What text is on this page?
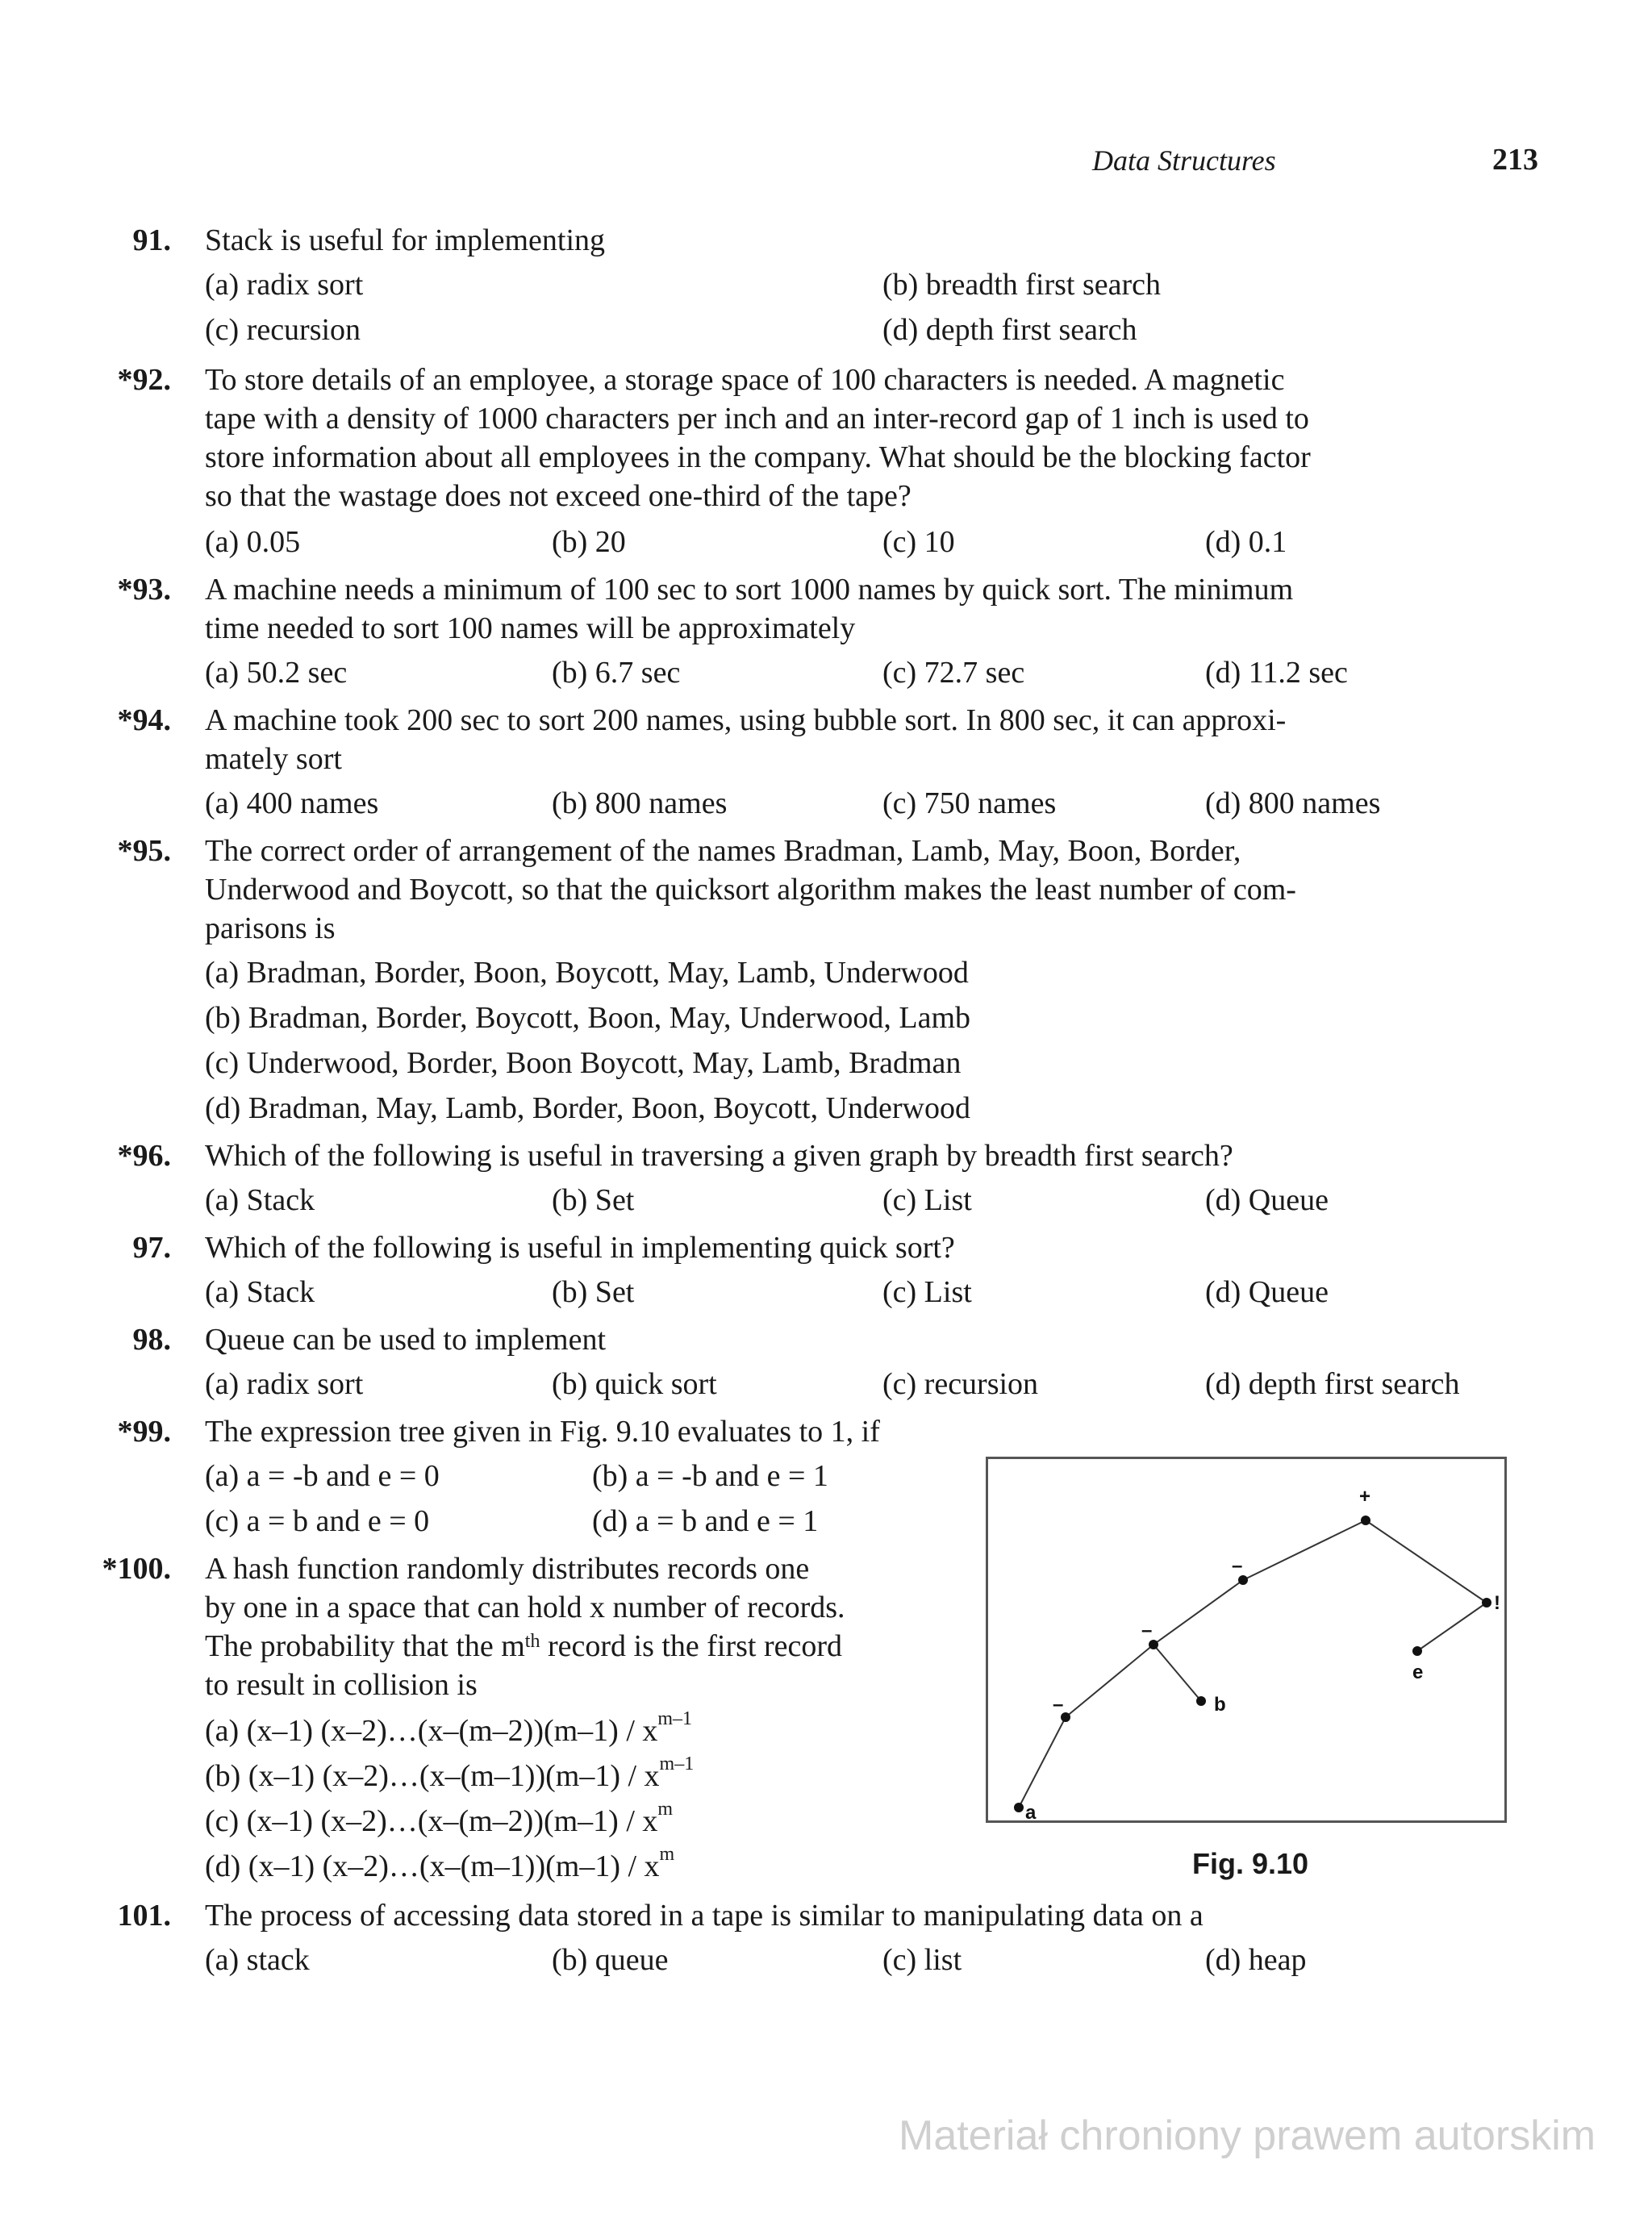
Data Structures	213
91. Stack is useful for implementing
(a) radix sort	(b) breadth first search
(c) recursion	(d) depth first search
*92. To store details of an employee, a storage space of 100 characters is needed. A magnetic
tape with a density of 1000 characters per inch and an inter-record gap of 1 inch is used to
store information about all employees in the company. What should be the blocking factor
so that the wastage does not exceed one-third of the tape?
(a) 0.05	(b) 20	(c) 10	(d) 0.1
*93. A machine needs a minimum of 100 sec to sort 1000 names by quick sort. The minimum
time needed to sort 100 names will be approximately
(a) 50.2 sec	(b) 6.7 sec	(c) 72.7 sec	(d) 11.2 sec
*94. A machine took 200 sec to sort 200 names, using bubble sort. In 800 sec, it can approxi-
mately sort
(a) 400 names	(b) 800 names	(c) 750 names	(d) 800 names
*95. The correct order of arrangement of the names Bradman, Lamb, May, Boon, Border,
Underwood and Boycott, so that the quicksort algorithm makes the least number of com-
parisons is
(a) Bradman, Border, Boon, Boycott, May, Lamb, Underwood
(b) Bradman, Border, Boycott, Boon, May, Underwood, Lamb
(c) Underwood, Border, Boon Boycott, May, Lamb, Bradman
(d) Bradman, May, Lamb, Border, Boon, Boycott, Underwood
*96. Which of the following is useful in traversing a given graph by breadth first search?
(a) Stack	(b) Set	(c) List	(d) Queue
97. Which of the following is useful in implementing quick sort?
(a) Stack	(b) Set	(c) List	(d) Queue
98. Queue can be used to implement
(a) radix sort	(b) quick sort	(c) recursion	(d) depth first search
*99. The expression tree given in Fig. 9.10 evaluates to 1, if
(a) a = -b and e = 0	(b) a = -b and e = 1
(c) a = b and e = 0	(d) a = b and e = 1
*100. A hash function randomly distributes records one
by one in a space that can hold x number of records.
The probability that the $m^{th}$ record is the first record
to result in collision is
(a) (x–1) (x–2)…(x–(m–2))(m–1) / $x^{m-1}$
(b) (x–1) (x–2)…(x–(m–1))(m–1) / $x^{m-1}$
(c) (x–1) (x–2)…(x–(m–2))(m–1) / $x^m$
(d) (x–1) (x–2)…(x–(m–1))(m–1) / $x^m$
+
–
–
–	b
a
!
e
Fig. 9.10
101. The process of accessing data stored in a tape is similar to manipulating data on a
(a) stack	(b) queue	(c) list	(d) heap
Materiał chroniony prawem autorskim
